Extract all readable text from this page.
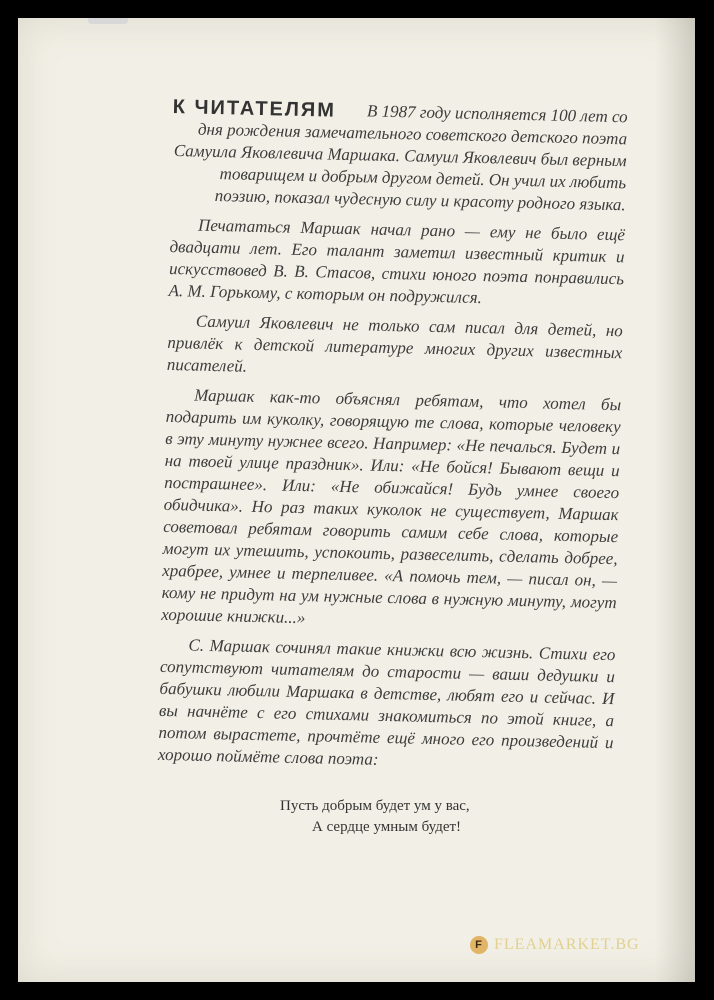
К ЧИТАТЕЛЯМ	В 1987 году исполняется 100 лет со дня рождения замечательного советского детского поэта Самуила Яковлевича Маршака. Самуил Яковлевич был верным товарищем и добрым другом детей. Он учил их любить поэзию, показал чудесную силу и красоту родного языка.

Печататься Маршак начал рано — ему не было ещё двадцати лет. Его талант заметил известный критик и искусствовед В. В. Стасов, стихи юного поэта понравились А. М. Горькому, с которым он подружился.

Самуил Яковлевич не только сам писал для детей, но привлёк к детской литературе многих других известных писателей.

Маршак как-то объяснял ребятам, что хотел бы подарить им куколку, говорящую те слова, которые человеку в эту минуту нужнее всего. Например: «Не печалься. Будет и на твоей улице праздник». Или: «Не бойся! Бывают вещи и пострашнее». Или: «Не обижайся! Будь умнее своего обидчика». Но раз таких куколок не существует, Маршак советовал ребятам говорить самим себе слова, которые могут их утешить, успокоить, развеселить, сделать добрее, храбрее, умнее и терпеливее. «А помочь тем, — писал он, — кому не придут на ум нужные слова в нужную минуту, могут хорошие книжки...»

С. Маршак сочинял такие книжки всю жизнь. Стихи его сопутствуют читателям до старости — ваши дедушки и бабушки любили Маршака в детстве, любят его и сейчас. И вы начнёте с его стихами знакомиться по этой книге, а потом вырастете, прочтёте ещё много его произведений и хорошо поймёте слова поэта:

Пусть добрым будет ум у вас,
А сердце умным будет!
F FLEAMARKET.BG
